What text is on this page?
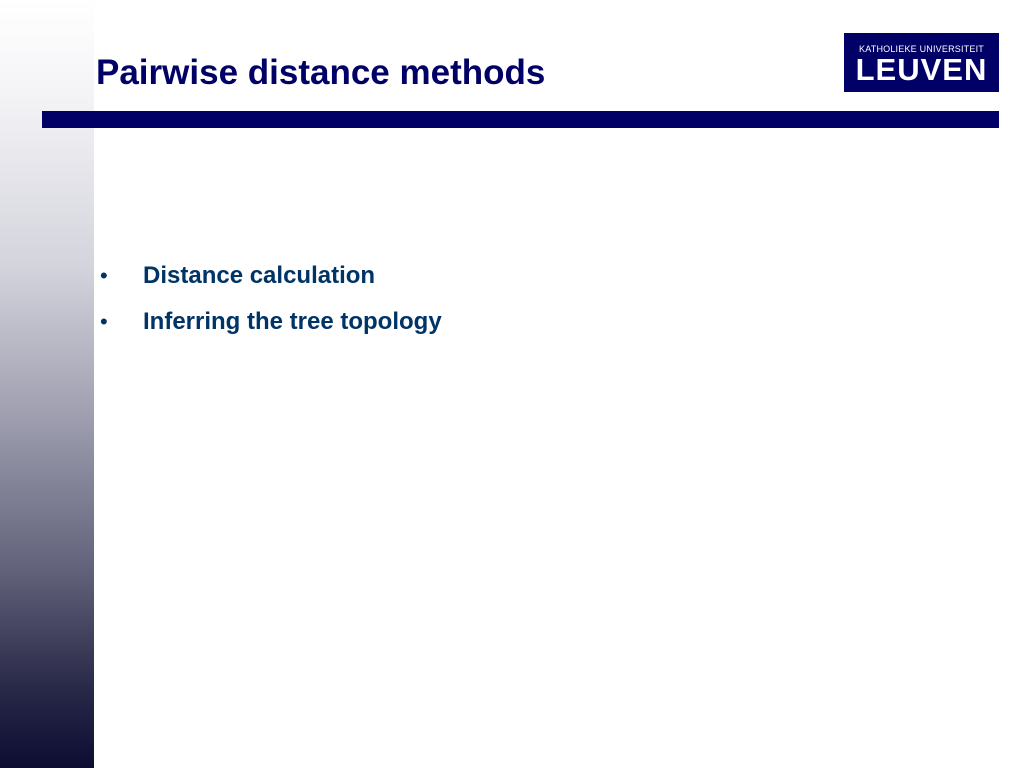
Pairwise distance methods
KATHOLIEKE UNIVERSITEIT
LEUVEN
•	Distance calculation
•	Inferring the tree topology
